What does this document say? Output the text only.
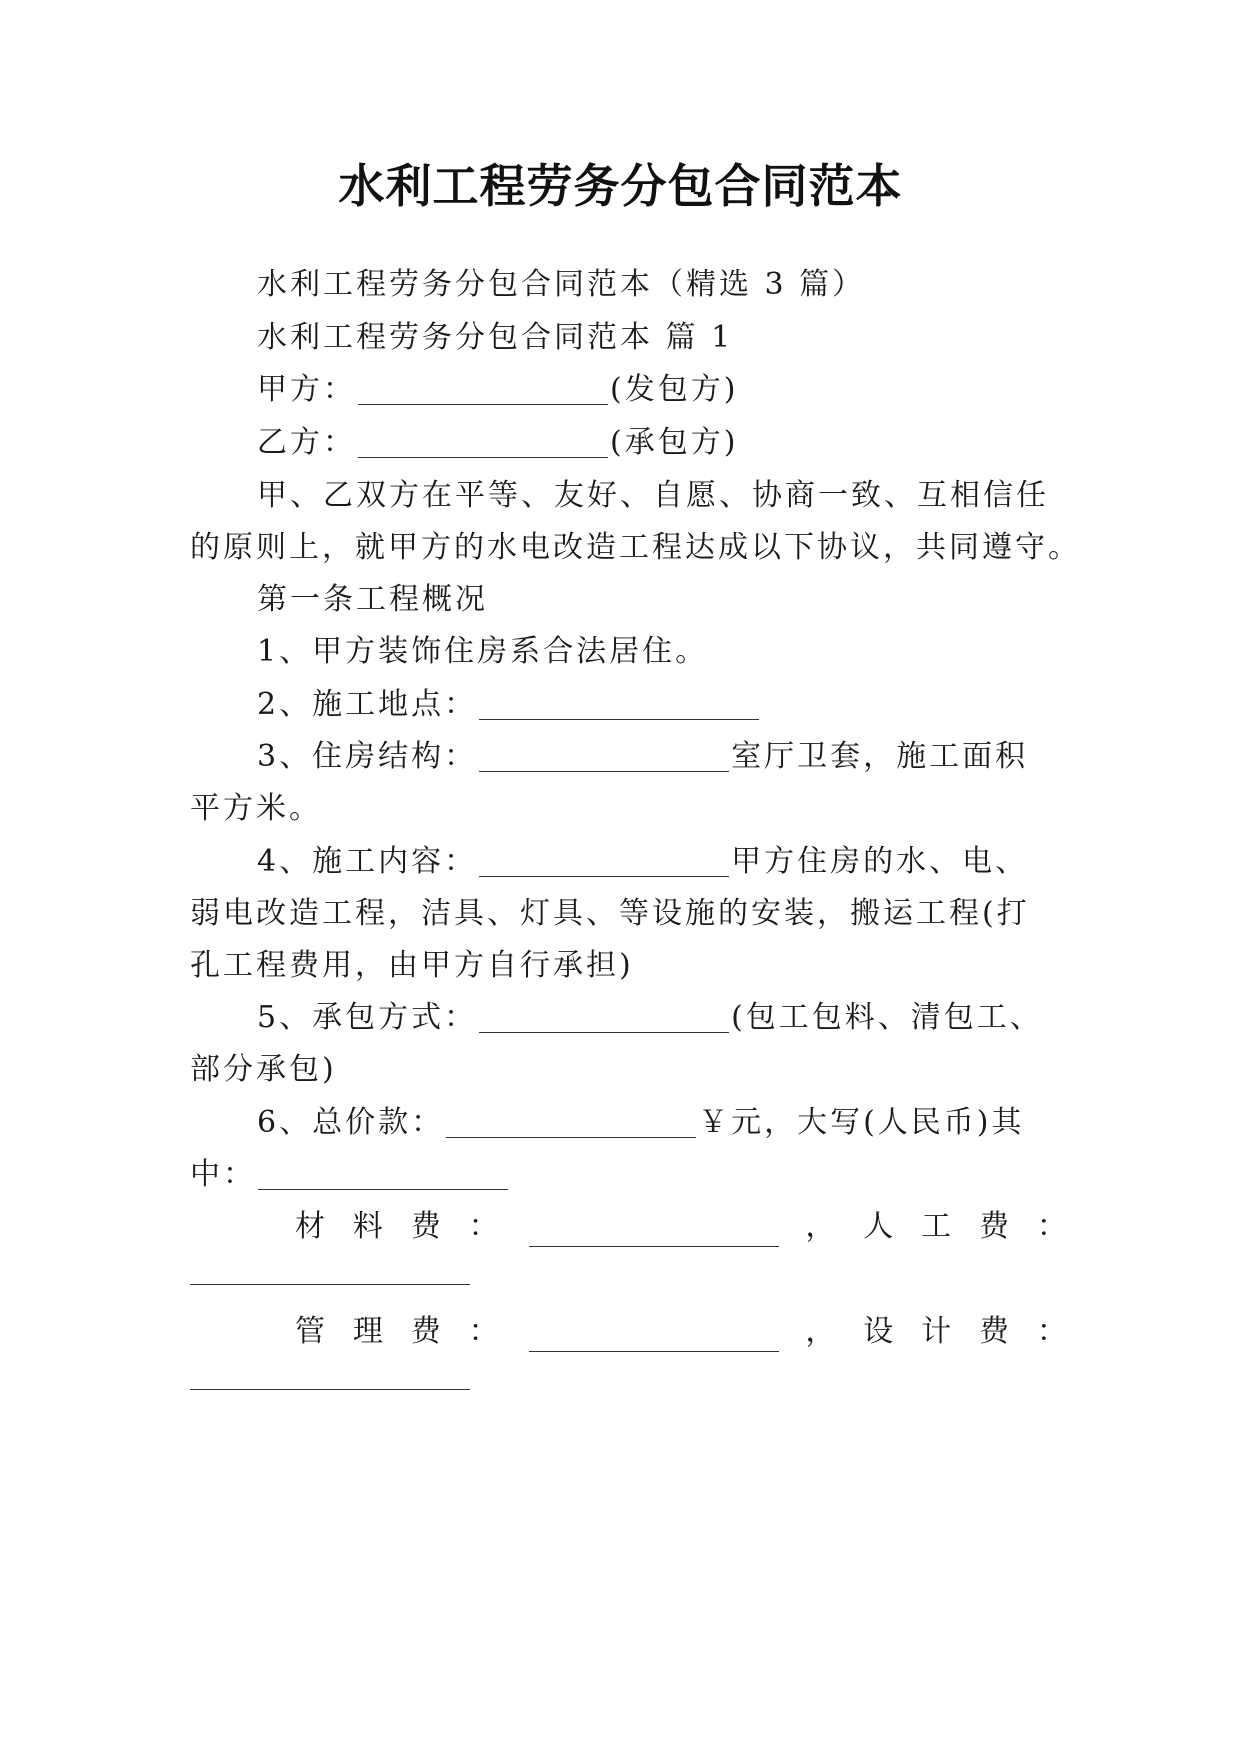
水利工程劳务分包合同范本
水利工程劳务分包合同范本（精选 3 篇）
水利工程劳务分包合同范本 篇 1
甲方：	(发包方)
乙方：	(承包方)
甲、乙双方在平等、友好、自愿、协商一致、互相信任
的原则上，就甲方的水电改造工程达成以下协议，共同遵守。
第一条工程概况
1、甲方装饰住房系合法居住。
2、施工地点：
3、住房结构：	室厅卫套，施工面积
平方米。
4、施工内容：	甲方住房的水、电、
弱电改造工程，洁具、灯具、等设施的安装，搬运工程(打
孔工程费用，由甲方自行承担)
5、承包方式：	(包工包料、清包工、
部分承包)
6、总价款：	￥元，大写(人民币)其
中：
材 料 费 ：	， 人 工 费 ：
管 理 费 ：	， 设 计 费 ：
